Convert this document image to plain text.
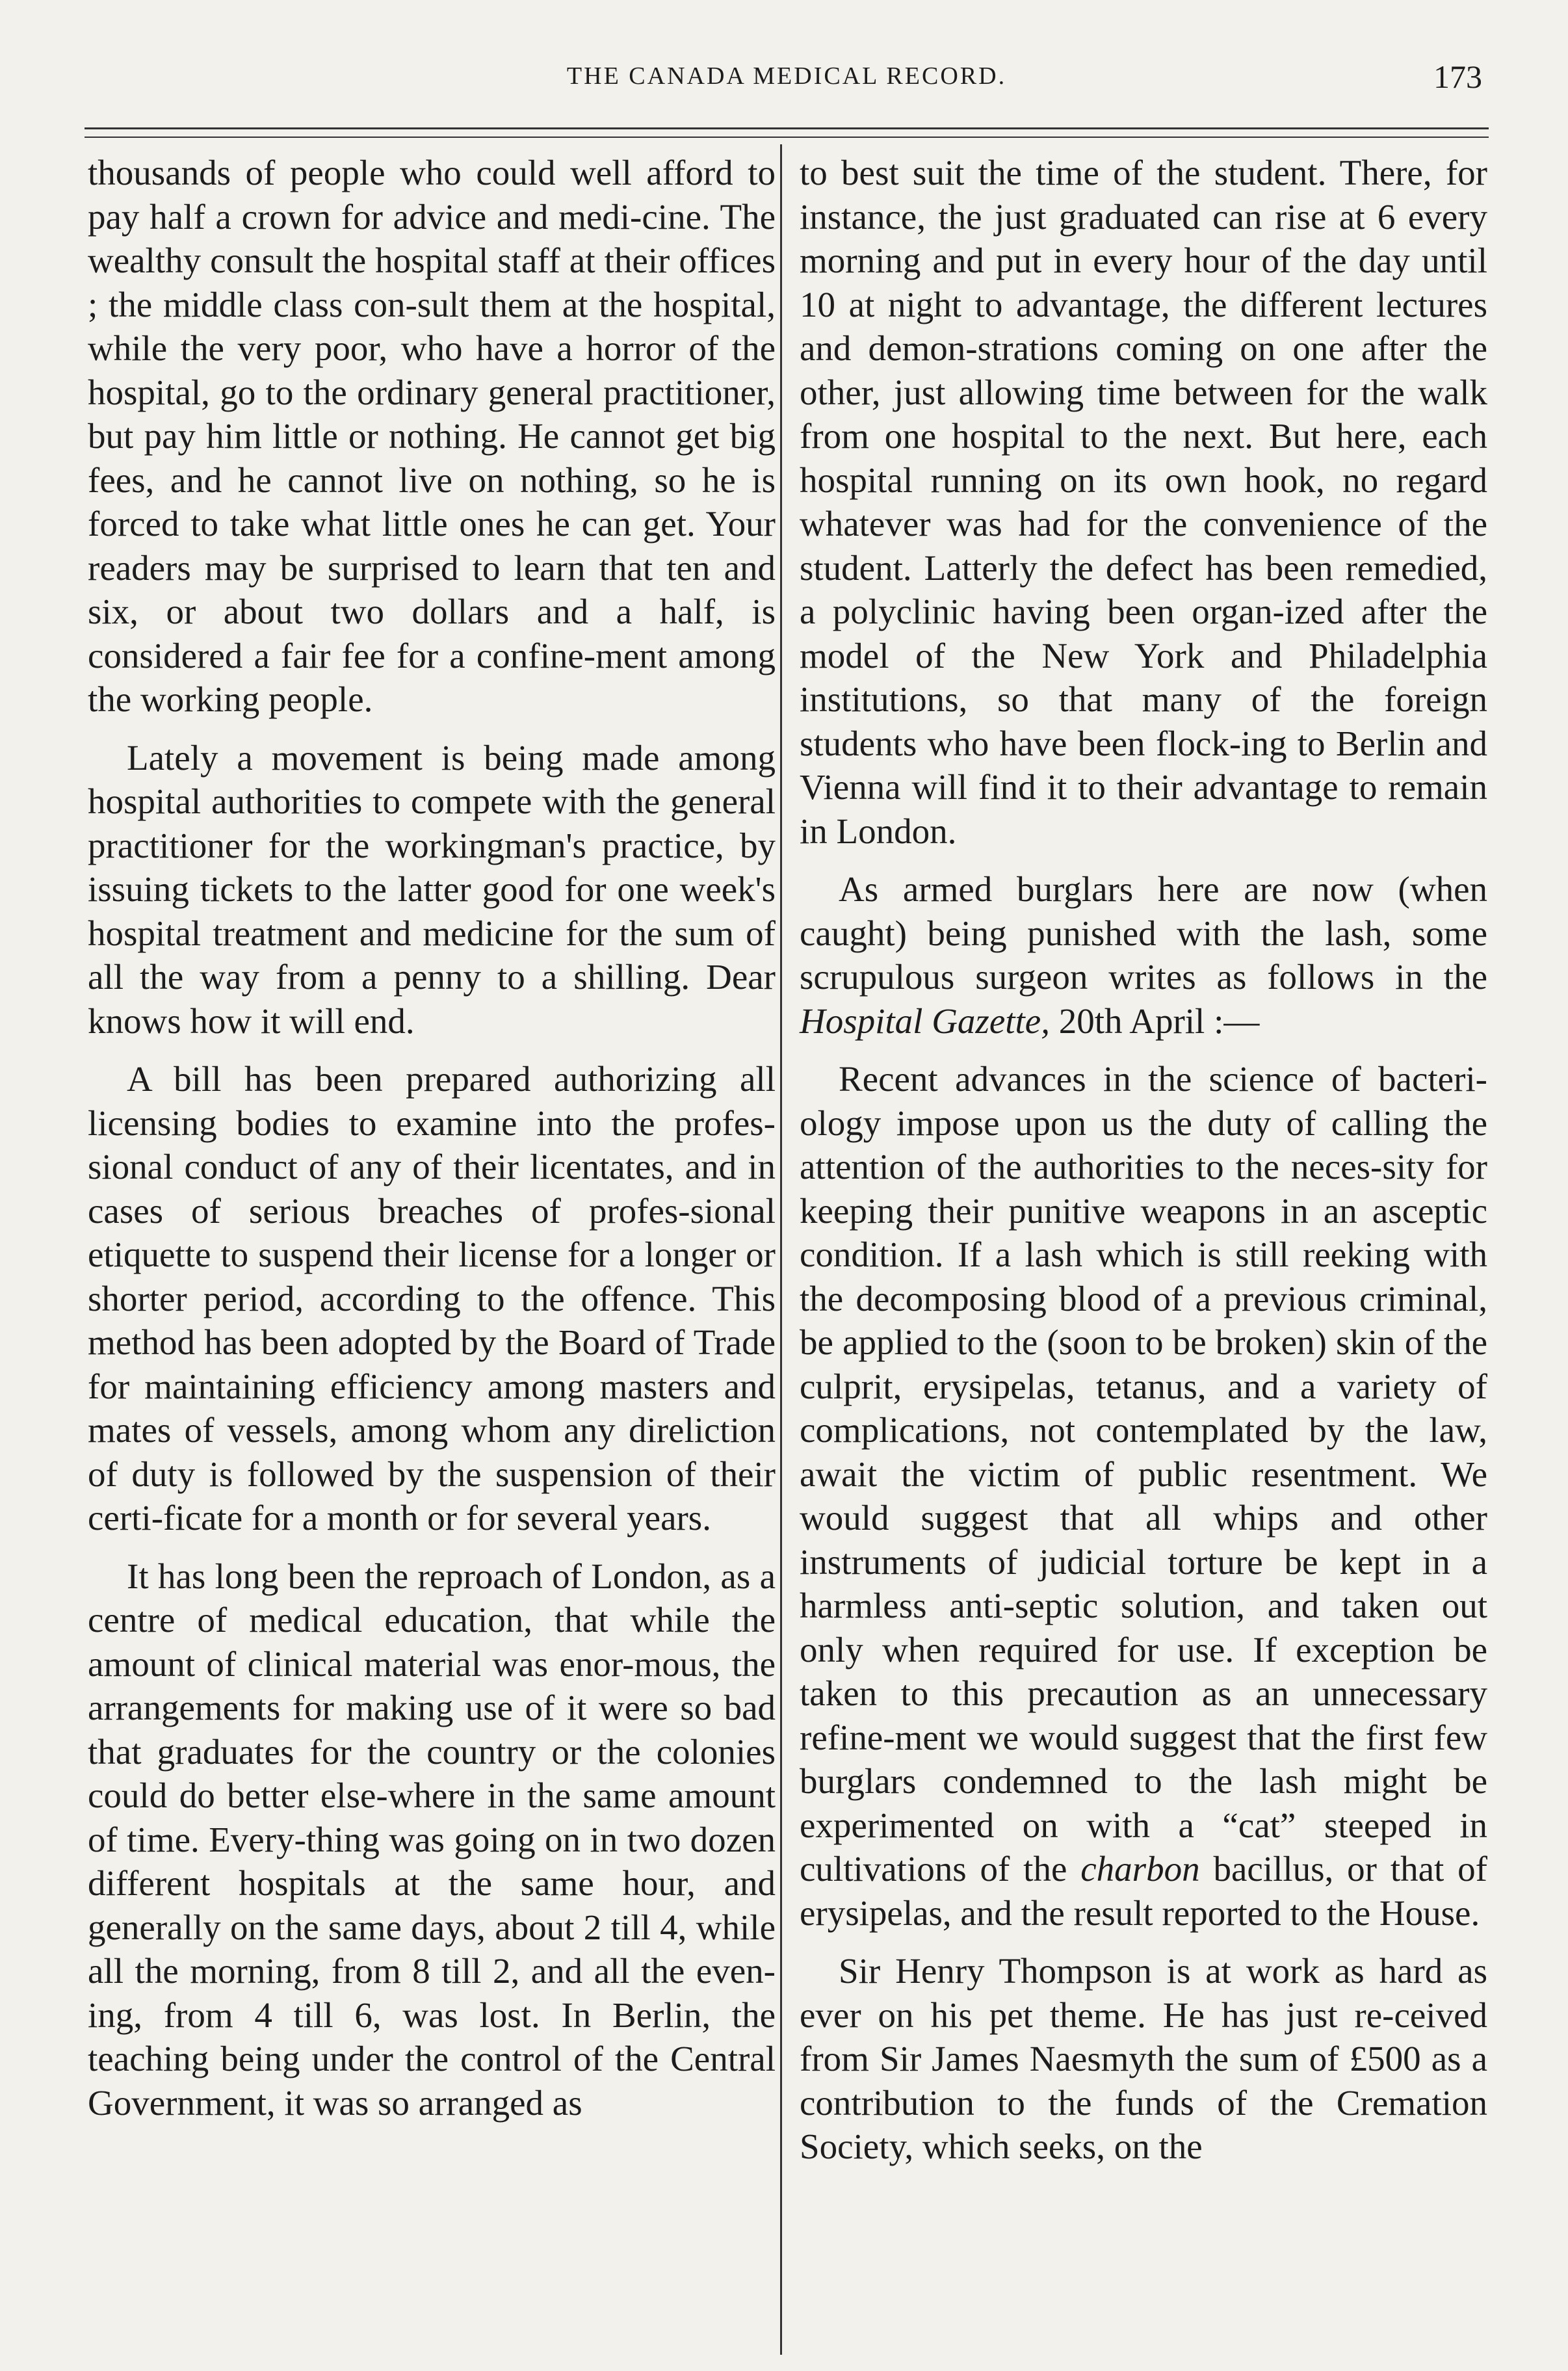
THE CANADA MEDICAL RECORD.	173

thousands of people who could well afford to pay half a crown for advice and medi-cine. The wealthy consult the hospital staff at their offices ; the middle class con-sult them at the hospital, while the very poor, who have a horror of the hospital, go to the ordinary general practitioner, but pay him little or nothing. He cannot get big fees, and he cannot live on nothing, so he is forced to take what little ones he can get. Your readers may be surprised to learn that ten and six, or about two dollars and a half, is considered a fair fee for a confine-ment among the working people.

Lately a movement is being made among hospital authorities to compete with the general practitioner for the workingman's practice, by issuing tickets to the latter good for one week's hospital treatment and medicine for the sum of all the way from a penny to a shilling. Dear knows how it will end.

A bill has been prepared authorizing all licensing bodies to examine into the profes-sional conduct of any of their licentates, and in cases of serious breaches of profes-sional etiquette to suspend their license for a longer or shorter period, according to the offence. This method has been adopted by the Board of Trade for maintaining efficiency among masters and mates of vessels, among whom any direliction of duty is followed by the suspension of their certi-ficate for a month or for several years.

It has long been the reproach of London, as a centre of medical education, that while the amount of clinical material was enor-mous, the arrangements for making use of it were so bad that graduates for the country or the colonies could do better else-where in the same amount of time. Every-thing was going on in two dozen different hospitals at the same hour, and generally on the same days, about 2 till 4, while all the morning, from 8 till 2, and all the even-ing, from 4 till 6, was lost. In Berlin, the teaching being under the control of the Central Government, it was so arranged as

to best suit the time of the student. There, for instance, the just graduated can rise at 6 every morning and put in every hour of the day until 10 at night to advantage, the different lectures and demon-strations coming on one after the other, just allowing time between for the walk from one hospital to the next. But here, each hospital running on its own hook, no regard whatever was had for the convenience of the student. Latterly the defect has been remedied, a polyclinic having been organ-ized after the model of the New York and Philadelphia institutions, so that many of the foreign students who have been flock-ing to Berlin and Vienna will find it to their advantage to remain in London.

As armed burglars here are now (when caught) being punished with the lash, some scrupulous surgeon writes as follows in the Hospital Gazette, 20th April :—

Recent advances in the science of bacteri-ology impose upon us the duty of calling the attention of the authorities to the neces-sity for keeping their punitive weapons in an asceptic condition. If a lash which is still reeking with the decomposing blood of a previous criminal, be applied to the (soon to be broken) skin of the culprit, erysipelas, tetanus, and a variety of complications, not contemplated by the law, await the victim of public resentment. We would suggest that all whips and other instruments of judicial torture be kept in a harmless anti-septic solution, and taken out only when required for use. If exception be taken to this precaution as an unnecessary refine-ment we would suggest that the first few burglars condemned to the lash might be experimented on with a “cat” steeped in cultivations of the charbon bacillus, or that of erysipelas, and the result reported to the House.

Sir Henry Thompson is at work as hard as ever on his pet theme. He has just re-ceived from Sir James Naesmyth the sum of £500 as a contribution to the funds of the Cremation Society, which seeks, on the
